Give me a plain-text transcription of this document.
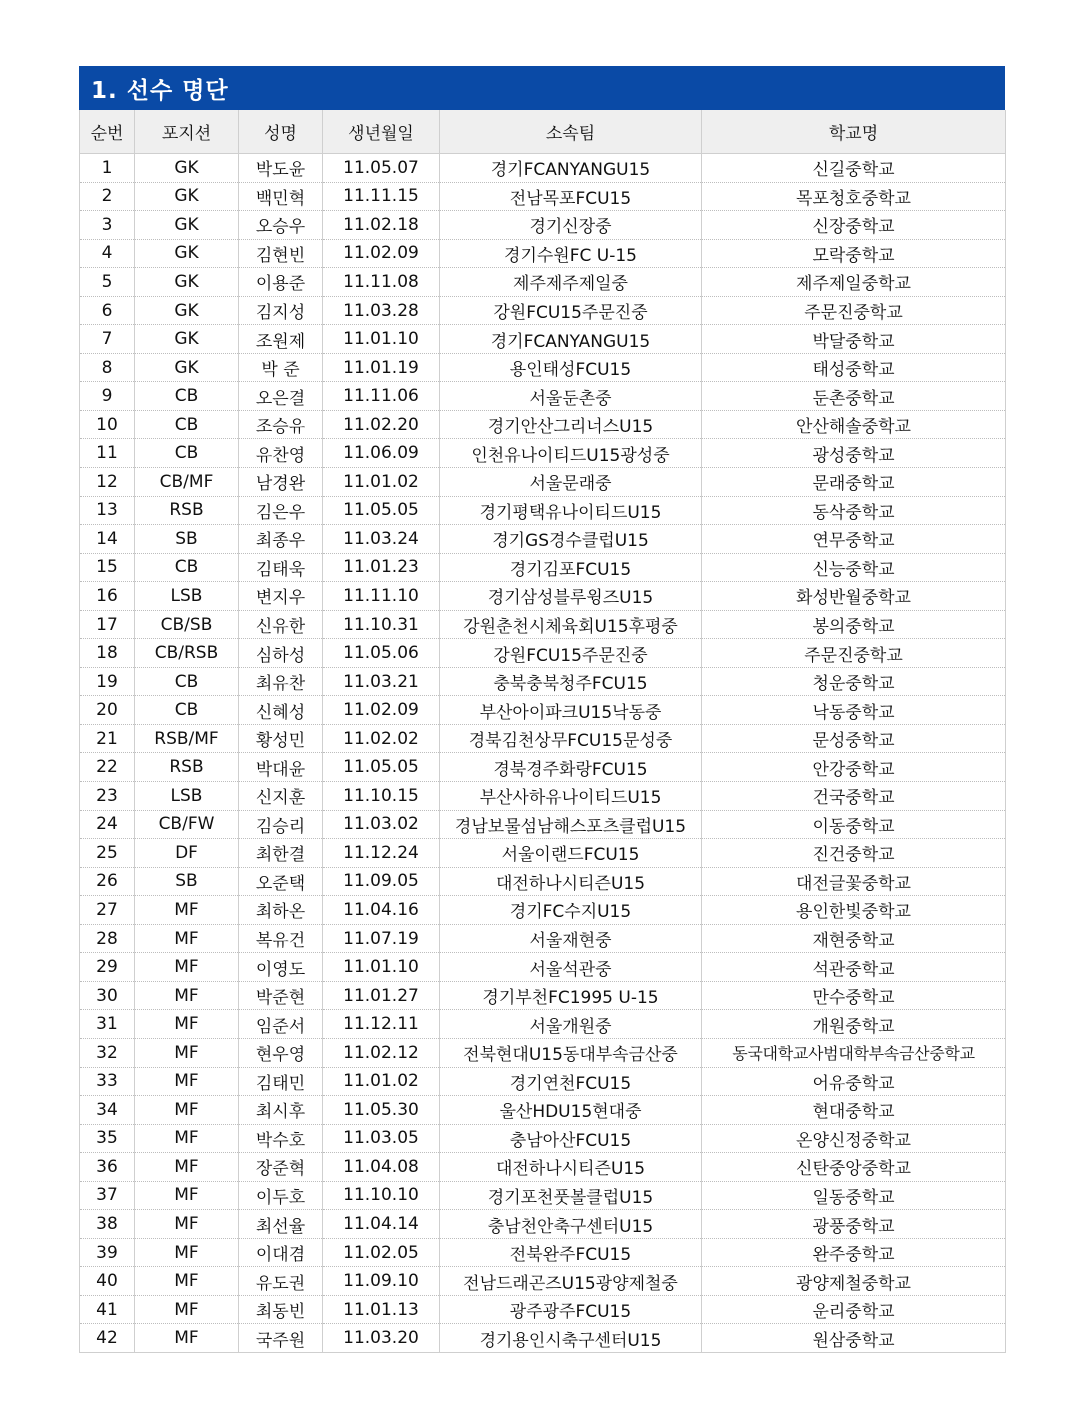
1. 선수 명단
순번	포지션	성명	생년월일	소속팀	학교명
1	GK	박도윤	11.05.07	경기FCANYANGU15	신길중학교
2	GK	백민혁	11.11.15	전남목포FCU15	목포청호중학교
3	GK	오승우	11.02.18	경기신장중	신장중학교
4	GK	김현빈	11.02.09	경기수원FC U-15	모락중학교
5	GK	이용준	11.11.08	제주제주제일중	제주제일중학교
6	GK	김지성	11.03.28	강원FCU15주문진중	주문진중학교
7	GK	조원제	11.01.10	경기FCANYANGU15	박달중학교
8	GK	박 준	11.01.19	용인태성FCU15	태성중학교
9	CB	오은결	11.11.06	서울둔촌중	둔촌중학교
10	CB	조승유	11.02.20	경기안산그리너스U15	안산해솔중학교
11	CB	유찬영	11.06.09	인천유나이티드U15광성중	광성중학교
12	CB/MF	남경완	11.01.02	서울문래중	문래중학교
13	RSB	김은우	11.05.05	경기평택유나이티드U15	동삭중학교
14	SB	최종우	11.03.24	경기GS경수클럽U15	연무중학교
15	CB	김태욱	11.01.23	경기김포FCU15	신능중학교
16	LSB	변지우	11.11.10	경기삼성블루윙즈U15	화성반월중학교
17	CB/SB	신유한	11.10.31	강원춘천시체육회U15후평중	봉의중학교
18	CB/RSB	심하성	11.05.06	강원FCU15주문진중	주문진중학교
19	CB	최유찬	11.03.21	충북충북청주FCU15	청운중학교
20	CB	신혜성	11.02.09	부산아이파크U15낙동중	낙동중학교
21	RSB/MF	황성민	11.02.02	경북김천상무FCU15문성중	문성중학교
22	RSB	박대윤	11.05.05	경북경주화랑FCU15	안강중학교
23	LSB	신지훈	11.10.15	부산사하유나이티드U15	건국중학교
24	CB/FW	김승리	11.03.02	경남보물섬남해스포츠클럽U15	이동중학교
25	DF	최한결	11.12.24	서울이랜드FCU15	진건중학교
26	SB	오준택	11.09.05	대전하나시티즌U15	대전글꽃중학교
27	MF	최하온	11.04.16	경기FC수지U15	용인한빛중학교
28	MF	복유건	11.07.19	서울재현중	재현중학교
29	MF	이영도	11.01.10	서울석관중	석관중학교
30	MF	박준현	11.01.27	경기부천FC1995 U-15	만수중학교
31	MF	임준서	11.12.11	서울개원중	개원중학교
32	MF	현우영	11.02.12	전북현대U15동대부속금산중	동국대학교사범대학부속금산중학교
33	MF	김태민	11.01.02	경기연천FCU15	어유중학교
34	MF	최시후	11.05.30	울산HDU15현대중	현대중학교
35	MF	박수호	11.03.05	충남아산FCU15	온양신정중학교
36	MF	장준혁	11.04.08	대전하나시티즌U15	신탄중앙중학교
37	MF	이두호	11.10.10	경기포천풋볼클럽U15	일동중학교
38	MF	최선율	11.04.14	충남천안축구센터U15	광풍중학교
39	MF	이대겸	11.02.05	전북완주FCU15	완주중학교
40	MF	유도권	11.09.10	전남드래곤즈U15광양제철중	광양제철중학교
41	MF	최동빈	11.01.13	광주광주FCU15	운리중학교
42	MF	국주원	11.03.20	경기용인시축구센터U15	원삼중학교
